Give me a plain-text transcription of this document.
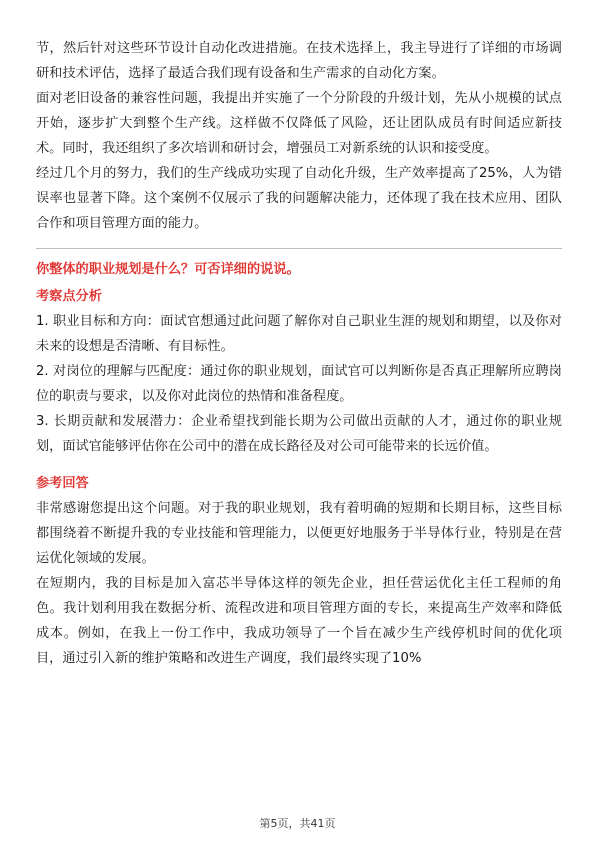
节，然后针对这些环节设计自动化改进措施。在技术选择上，我主导进行了详细的市场调研和技术评估，选择了最适合我们现有设备和生产需求的自动化方案。

面对老旧设备的兼容性问题，我提出并实施了一个分阶段的升级计划，先从小规模的试点开始，逐步扩大到整个生产线。这样做不仅降低了风险，还让团队成员有时间适应新技术。同时，我还组织了多次培训和研讨会，增强员工对新系统的认识和接受度。

经过几个月的努力，我们的生产线成功实现了自动化升级，生产效率提高了25%，人为错误率也显著下降。这个案例不仅展示了我的问题解决能力，还体现了我在技术应用、团队合作和项目管理方面的能力。

你整体的职业规划是什么？可否详细的说说。
考察点分析

1. 职业目标和方向：面试官想通过此问题了解你对自己职业生涯的规划和期望，以及你对未来的设想是否清晰、有目标性。

2. 对岗位的理解与匹配度：通过你的职业规划，面试官可以判断你是否真正理解所应聘岗位的职责与要求，以及你对此岗位的热情和准备程度。

3. 长期贡献和发展潜力：企业希望找到能长期为公司做出贡献的人才，通过你的职业规划，面试官能够评估你在公司中的潜在成长路径及对公司可能带来的长远价值。

参考回答

非常感谢您提出这个问题。对于我的职业规划，我有着明确的短期和长期目标，这些目标都围绕着不断提升我的专业技能和管理能力，以便更好地服务于半导体行业，特别是在营运优化领域的发展。

在短期内，我的目标是加入富芯半导体这样的领先企业，担任营运优化主任工程师的角色。我计划利用我在数据分析、流程改进和项目管理方面的专长，来提高生产效率和降低成本。例如，在我上一份工作中，我成功领导了一个旨在减少生产线停机时间的优化项目，通过引入新的维护策略和改进生产调度，我们最终实现了10%

第5页，共41页
